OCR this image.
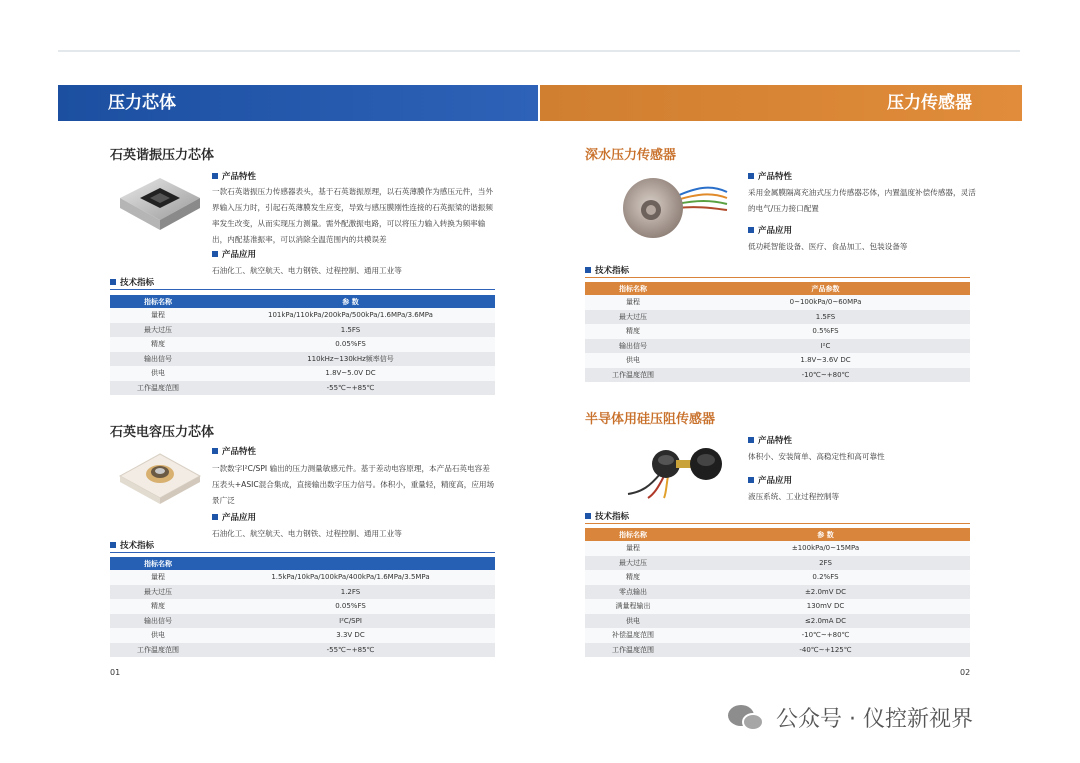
压力芯体
石英谐振压力芯体
产品特性
一款石英谐振压力传感器表头，基于石英谐振原理，以石英薄膜作为感压元件，当外界输入压力时，引起石英薄膜发生应变，导致与感压膜刚性连接的石英振梁的谐振频率发生改变，从而实现压力测量。需外配激振电路，可以将压力输入转换为频率输出，内配基准振率，可以消除全温范围内的共模误差
产品应用
石油化工、航空航天、电力钢铁、过程控制、通用工业等
技术指标
指标名称	参 数
量程	101kPa/110kPa/200kPa/500kPa/1.6MPa/3.6MPa
最大过压	1.5FS
精度	0.05%FS
输出信号	110kHz~130kHz频率信号
供电	1.8V~5.0V DC
工作温度范围	-55℃~+85℃
石英电容压力芯体
产品特性
一款数字I²C/SPI 输出的压力测量敏感元件。基于差动电容原理，本产品石英电容差压表头+ASIC混合集成，直接输出数字压力信号。体积小，重量轻，精度高，应用场景广泛
产品应用
石油化工、航空航天、电力钢铁、过程控制、通用工业等
技术指标
指标名称	
量程	1.5kPa/10kPa/100kPa/400kPa/1.6MPa/3.5MPa
最大过压	1.2FS
精度	0.05%FS
输出信号	I²C/SPI
供电	3.3V DC
工作温度范围	-55℃~+85℃
01
压力传感器
深水压力传感器
产品特性
采用金属膜隔离充油式压力传感器芯体，内置温度补偿传感器，灵活的电气/压力接口配置
产品应用
低功耗智能设备、医疗、食品加工、包装设备等
技术指标
指标名称	产品参数
量程	0~100kPa/0~60MPa
最大过压	1.5FS
精度	0.5%FS
输出信号	I²C
供电	1.8V~3.6V DC
工作温度范围	-10℃~+80℃
半导体用硅压阻传感器
产品特性
体积小、安装简单、高稳定性和高可靠性
产品应用
液压系统、工业过程控制等
技术指标
指标名称	参 数
量程	±100kPa/0~15MPa
最大过压	2FS
精度	0.2%FS
零点输出	±2.0mV DC
满量程输出	130mV DC
供电	≤2.0mA DC
补偿温度范围	-10℃~+80℃
工作温度范围	-40℃~+125℃
02
公众号 · 仪控新视界
